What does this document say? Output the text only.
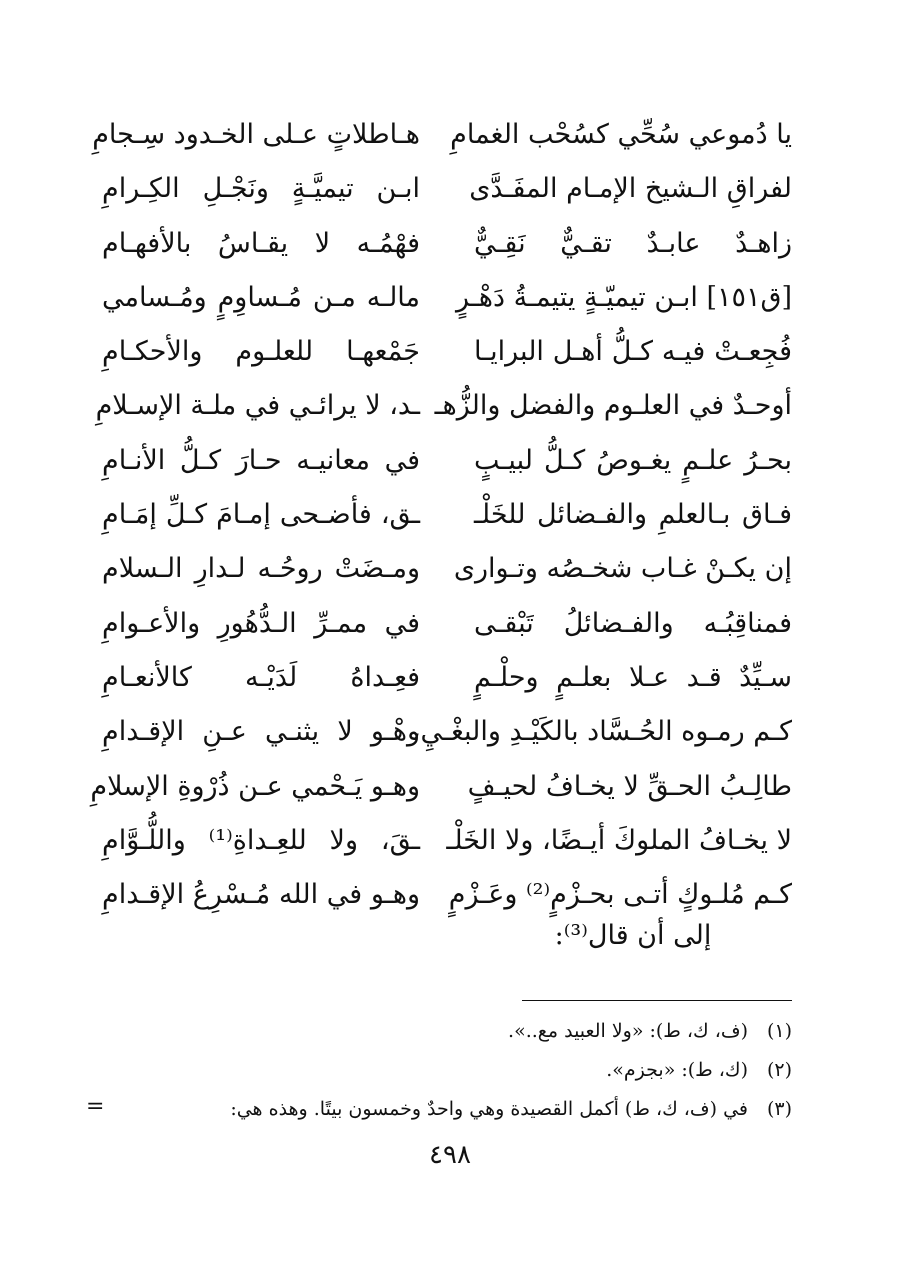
يا دُموعي سُحِّي كسُحْب الغمامِ
هـاطلاتٍ عـلى الخـدود سِـجامِ
لفراقِ الـشيخ الإمـام المفَـدَّى
ابـن تيميَّـةٍ ونَجْـلِ الكِـرامِ
زاهـدٌ عابـدٌ تقـيٌّ نَقِـيٌّ
فهْمُـه لا يقـاسُ بالأفهـام
[ق١٥١] ابـن تيميّـةٍ يتيمـةُ دَهْـرٍ
مالـه مـن مُـساوِمٍ ومُـسامي
فُجِعـتْ فيـه كـلُّ أهـل البرايـا
جَمْعهـا للعلـوم والأحكـامِ
أوحـدٌ في العلـوم والفضل والزُّهـ
ـد، لا يرائـي في ملـة الإسـلامِ
بحـرُ علـمٍ يغـوصُ كـلُّ لبيـبٍ
في معانيـه حـارَ كـلُّ الأنـامِ
فـاق بـالعلمِ والفـضائل للخَلْـ
ـق، فأضـحى إمـامَ كـلِّ إمَـامِ
إن يكـنْ غـاب شخـصُه وتـوارى
ومـضَتْ روحُـه لـدارِ الـسلام
فمناقِبُـه والفـضائلُ تَبْقـى
في ممـرِّ الـدُّهُورِ والأعـوامِ
سـيِّدٌ قـد عـلا بعلـمٍ وحلْـمٍ
فعِـداهُ لَدَيْـه كالأنعـامِ
كـم رمـوه الحُـسَّاد بالكَيْـدِ والبغْـيِ،
وهْـو لا يثنـي عـنِ الإقـدامِ
طالِـبُ الحـقِّ لا يخـافُ لحيـفٍ
وهـو يَـحْمي عـن ذُرْوةِ الإسلامِ
لا يخـافُ الملوكَ أيـضًا، ولا الخَلْـ
ـقَ، ولا للعِـداةِ⁽¹⁾ واللُّـوَّامِ
كـم مُلـوكٍ أتـى بحـزْمٍ⁽²⁾ وعَـزْمٍ
وهـو في الله مُـسْرِعُ الإقـدامِ
إلى أن قال⁽³⁾:
(١)
(ف، ك، ط): «ولا العبيد مع..».
(٢)
(ك، ط): «بجزم».
(٣)
في (ف، ك، ط) أكمل القصيدة وهي واحدٌ وخمسون بيتًا. وهذه هي:
=
٤٩٨
